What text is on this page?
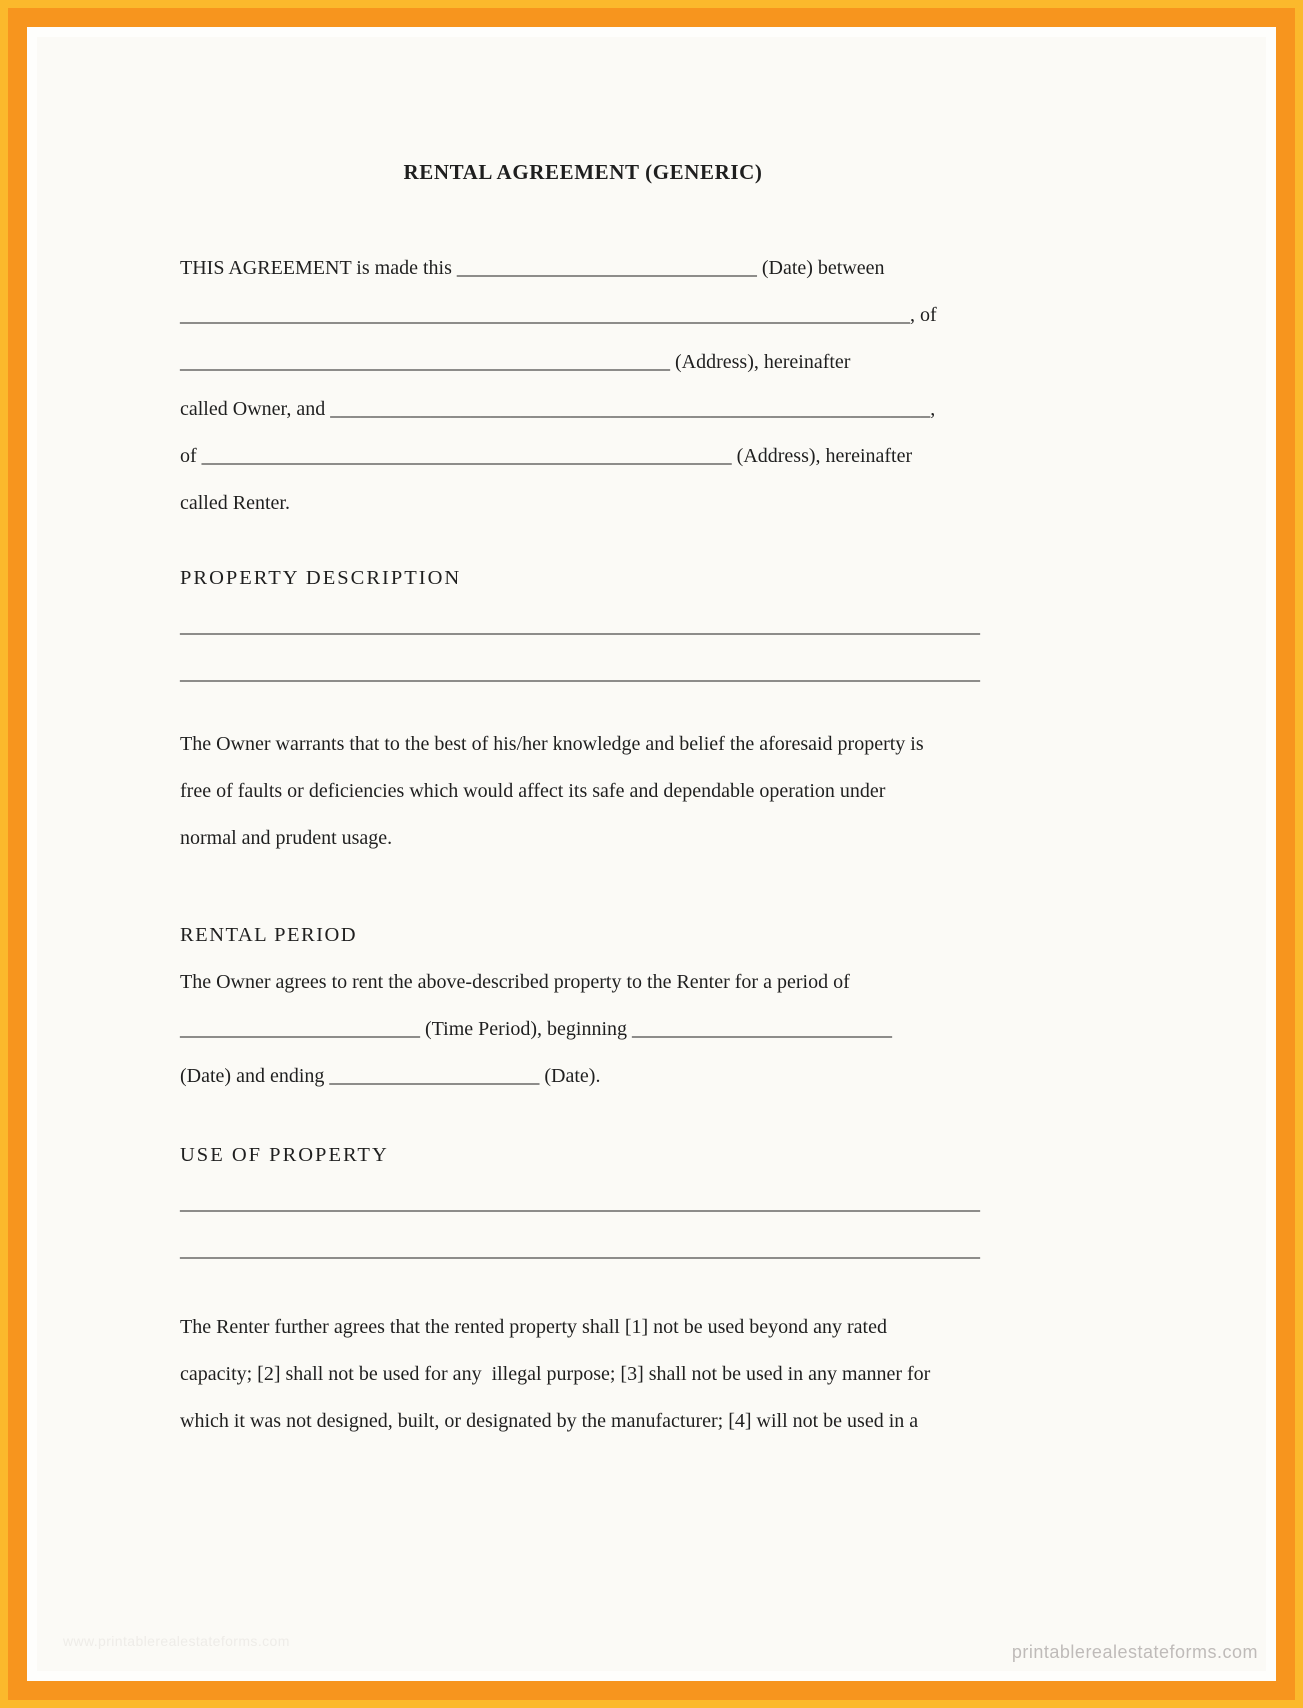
RENTAL AGREEMENT (GENERIC)
THIS AGREEMENT is made this ______________________________ (Date) between
_________________________________________________________________________, of
_________________________________________________ (Address), hereinafter
called Owner, and ____________________________________________________________,
of _____________________________________________________ (Address), hereinafter
called Renter.
PROPERTY DESCRIPTION
________________________________________________________________________________
________________________________________________________________________________
The Owner warrants that to the best of his/her knowledge and belief the aforesaid property is
free of faults or deficiencies which would affect its safe and dependable operation under
normal and prudent usage.
RENTAL PERIOD
The Owner agrees to rent the above-described property to the Renter for a period of
________________________ (Time Period), beginning __________________________
(Date) and ending _____________________ (Date).
USE OF PROPERTY
________________________________________________________________________________
________________________________________________________________________________
The Renter further agrees that the rented property shall [1] not be used beyond any rated
capacity; [2] shall not be used for any  illegal purpose; [3] shall not be used in any manner for
which it was not designed, built, or designated by the manufacturer; [4] will not be used in a
www.printablerealestateforms.com
printablerealestateforms.com
